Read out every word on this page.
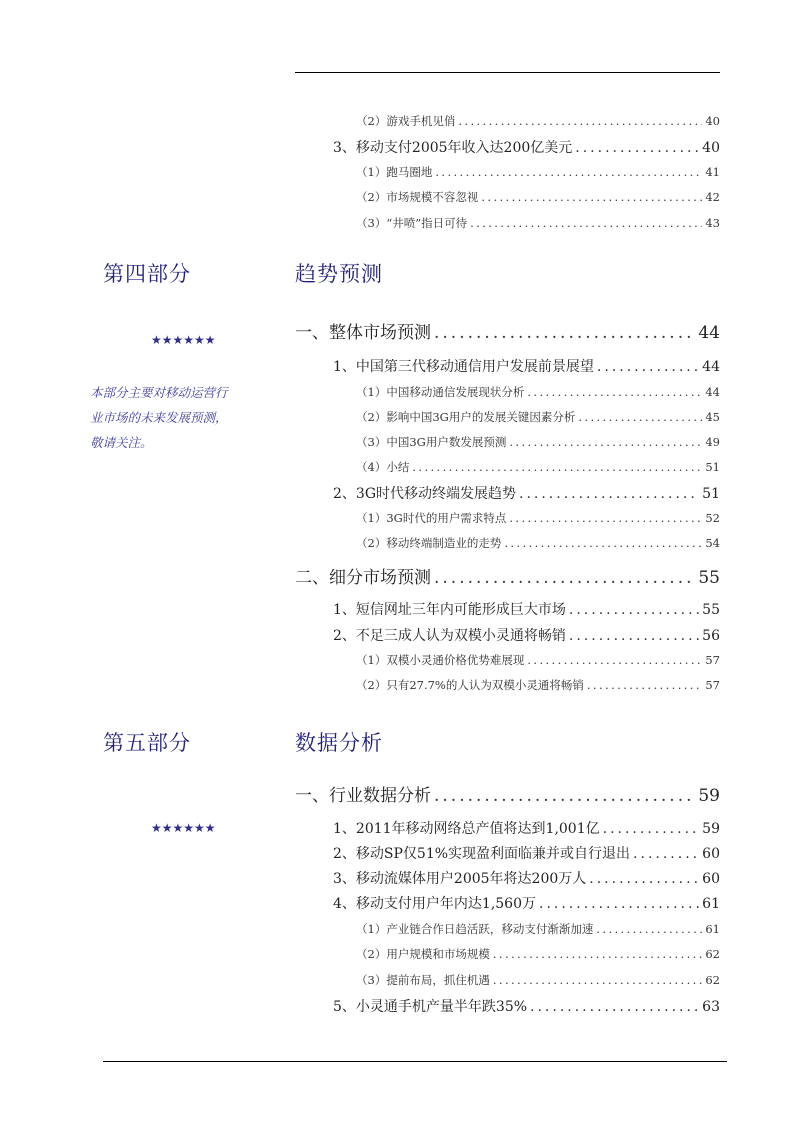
（2）游戏手机见俏 .....	40
3、移动支付2005年收入达200亿美元 .....	40
（1）跑马圈地 .....	41
（2）市场规模不容忽视 .....	42
（3）“井喷”指日可待 .....	43
第四部分	趋势预测
★★★★★★
本部分主要对移动运营行
业市场的未来发展预测，
敬请关注。
一、整体市场预测 .....	44
1、中国第三代移动通信用户发展前景展望 .....	44
（1）中国移动通信发展现状分析 .....	44
（2）影响中国3G用户的发展关键因素分析 .....	45
（3）中国3G用户数发展预测 .....	49
（4）小结 .....	51
2、3G时代移动终端发展趋势 .....	51
（1）3G时代的用户需求特点 .....	52
（2）移动终端制造业的走势 .....	54
二、细分市场预测 .....	55
1、短信网址三年内可能形成巨大市场 .....	55
2、不足三成人认为双模小灵通将畅销 .....	56
（1）双模小灵通价格优势难展现 .....	57
（2）只有27.7%的人认为双模小灵通将畅销 .....	57
第五部分	数据分析
★★★★★★
一、行业数据分析 .....	59
1、2011年移动网络总产值将达到1,001亿 .....	59
2、移动SP仅51%实现盈利面临兼并或自行退出 .....	60
3、移动流媒体用户2005年将达200万人 .....	60
4、移动支付用户年内达1,560万 .....	61
（1）产业链合作日趋活跃，移动支付渐渐加速 .....	61
（2）用户规模和市场规模 .....	62
（3）提前布局，抓住机遇 .....	62
5、小灵通手机产量半年跌35% .....	63
